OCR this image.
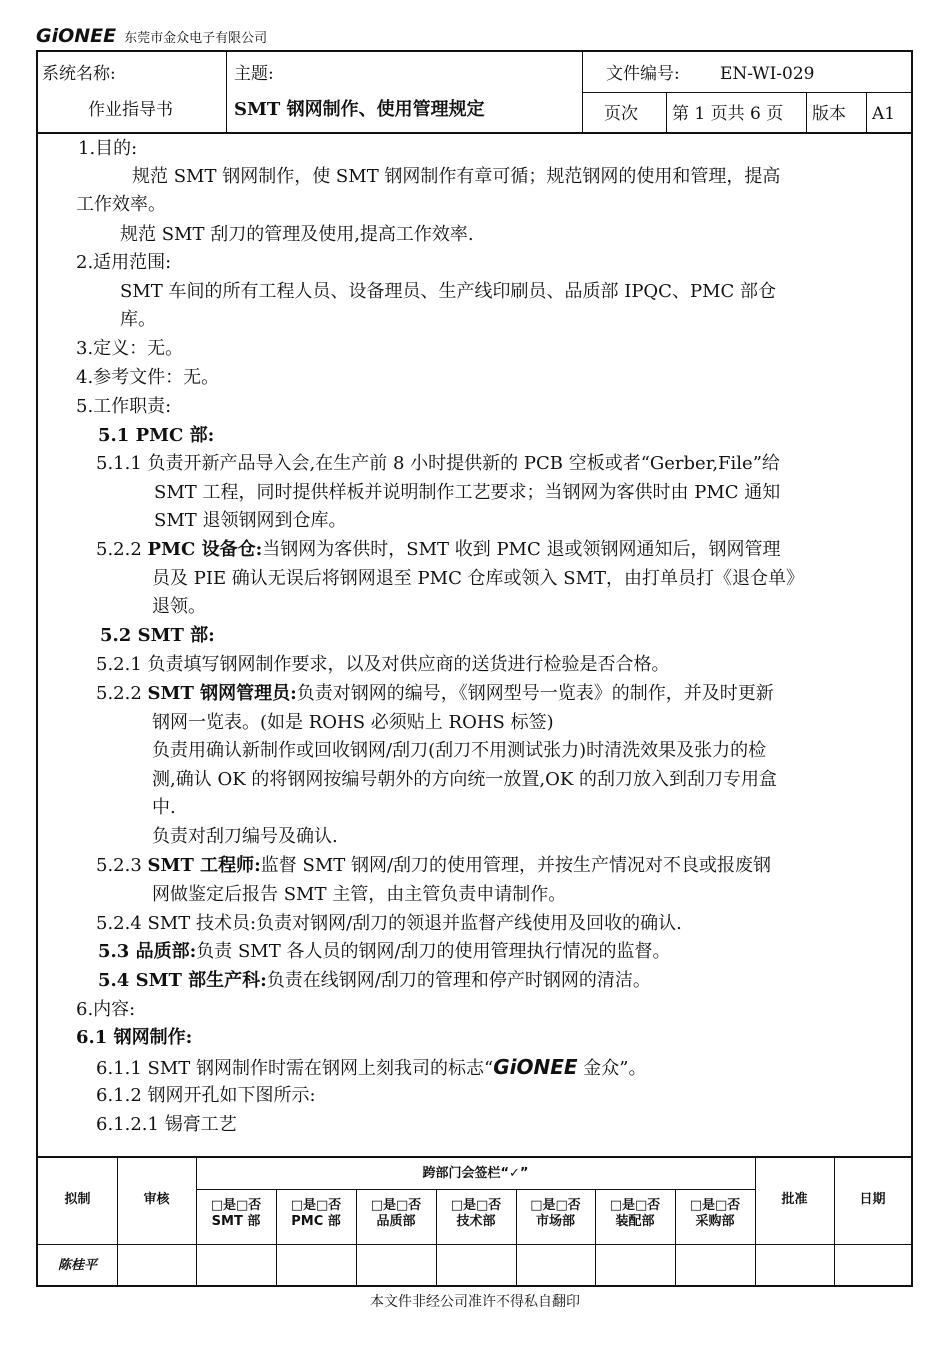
GiONEE 东莞市金众电子有限公司
系统名称:
作业指导书
主题:
SMT 钢网制作、使用管理规定
文件编号: EN-WI-029
页次 第 1 页共 6 页 版本 A1
1.目的:
规范 SMT 钢网制作，使 SMT 钢网制作有章可循；规范钢网的使用和管理，提高
工作效率。
规范 SMT 刮刀的管理及使用,提高工作效率.
2.适用范围:
SMT 车间的所有工程人员、设备理员、生产线印刷员、品质部 IPQC、PMC 部仓
库。
3.定义：无。
4.参考文件：无。
5.工作职责:
5.1 PMC 部:
5.1.1 负责开新产品导入会,在生产前 8 小时提供新的 PCB 空板或者“Gerber,File”给
SMT 工程，同时提供样板并说明制作工艺要求；当钢网为客供时由 PMC 通知
SMT 退领钢网到仓库。
5.2.2 PMC 设备仓:当钢网为客供时，SMT 收到 PMC 退或领钢网通知后，钢网管理
员及 PIE 确认无误后将钢网退至 PMC 仓库或领入 SMT，由打单员打《退仓单》
退领。
5.2 SMT 部:
5.2.1 负责填写钢网制作要求，以及对供应商的送货进行检验是否合格。
5.2.2 SMT 钢网管理员:负责对钢网的编号，《钢网型号一览表》的制作，并及时更新
钢网一览表。(如是 ROHS 必须贴上 ROHS 标签)
负责用确认新制作或回收钢网/刮刀(刮刀不用测试张力)时清洗效果及张力的检
测,确认 OK 的将钢网按编号朝外的方向统一放置,OK 的刮刀放入到刮刀专用盒
中.
负责对刮刀编号及确认.
5.2.3 SMT 工程师:监督 SMT 钢网/刮刀的使用管理，并按生产情况对不良或报废钢
网做鉴定后报告 SMT 主管，由主管负责申请制作。
5.2.4 SMT 技术员:负责对钢网/刮刀的领退并监督产线使用及回收的确认.
5.3 品质部:负责 SMT 各人员的钢网/刮刀的使用管理执行情况的监督。
5.4 SMT 部生产科:负责在线钢网/刮刀的管理和停产时钢网的清洁。
6.内容:
6.1 钢网制作:
6.1.1 SMT 钢网制作时需在钢网上刻我司的标志“GiONEE 金众”。
6.1.2 钢网开孔如下图所示:
6.1.2.1 锡膏工艺
拟制	审核
跨部门会签栏“✓”
□是□否
SMT 部
□是□否
PMC 部
□是□否
品质部
□是□否
技术部
□是□否
市场部
□是□否
装配部
□是□否
采购部
批准	日期
陈桂平
本文件非经公司准许不得私自翻印
